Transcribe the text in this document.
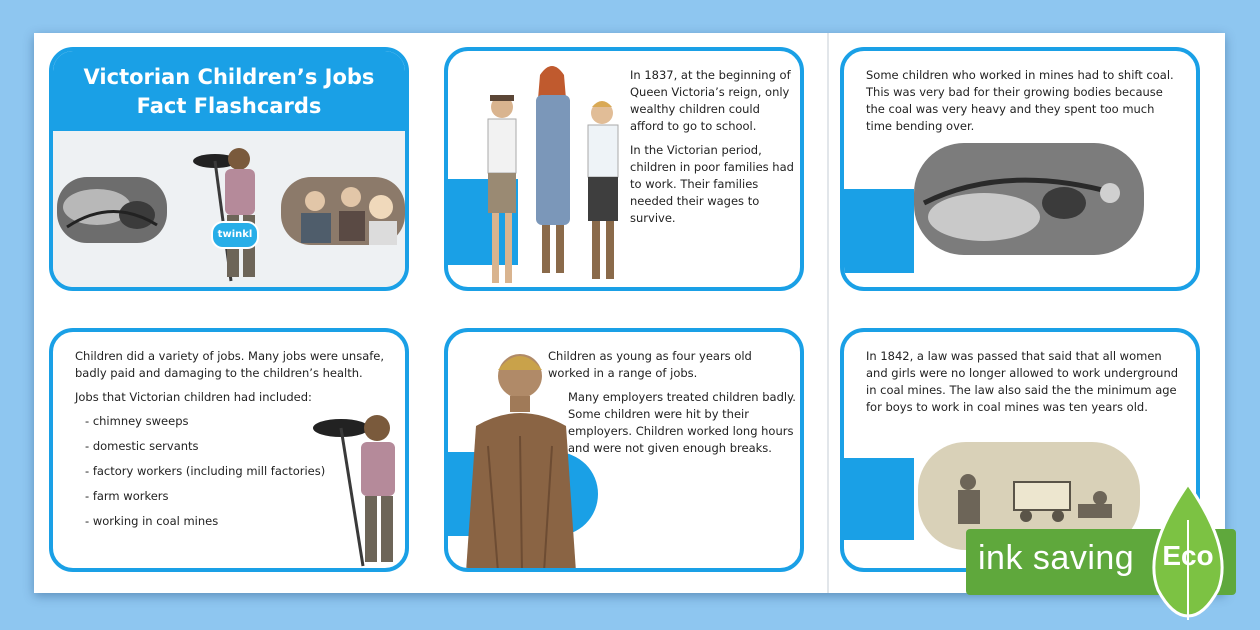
Victorian Children’s Jobs
Fact Flashcards
twinkl

In 1837, at the beginning of Queen Victoria’s reign, only wealthy children could afford to go to school.

In the Victorian period, children in poor families had to work. Their families needed their wages to survive.

Some children who worked in mines had to shift coal. This was very bad for their growing bodies because the coal was very heavy and they spent too much time bending over.

Children did a variety of jobs. Many jobs were unsafe, badly paid and damaging to the children’s health.

Jobs that Victorian children had included:

- chimney sweeps
- domestic servants
- factory workers (including mill factories)
- farm workers
- working in coal mines

Children as young as four years old worked in a range of jobs.

Many employers treated children badly. Some children were hit by their employers. Children worked long hours and were not given enough breaks.

In 1842, a law was passed that said that all women and girls were no longer allowed to work underground in coal mines. The law also said the the minimum age for boys to work in coal mines was ten years old.

ink saving Eco
